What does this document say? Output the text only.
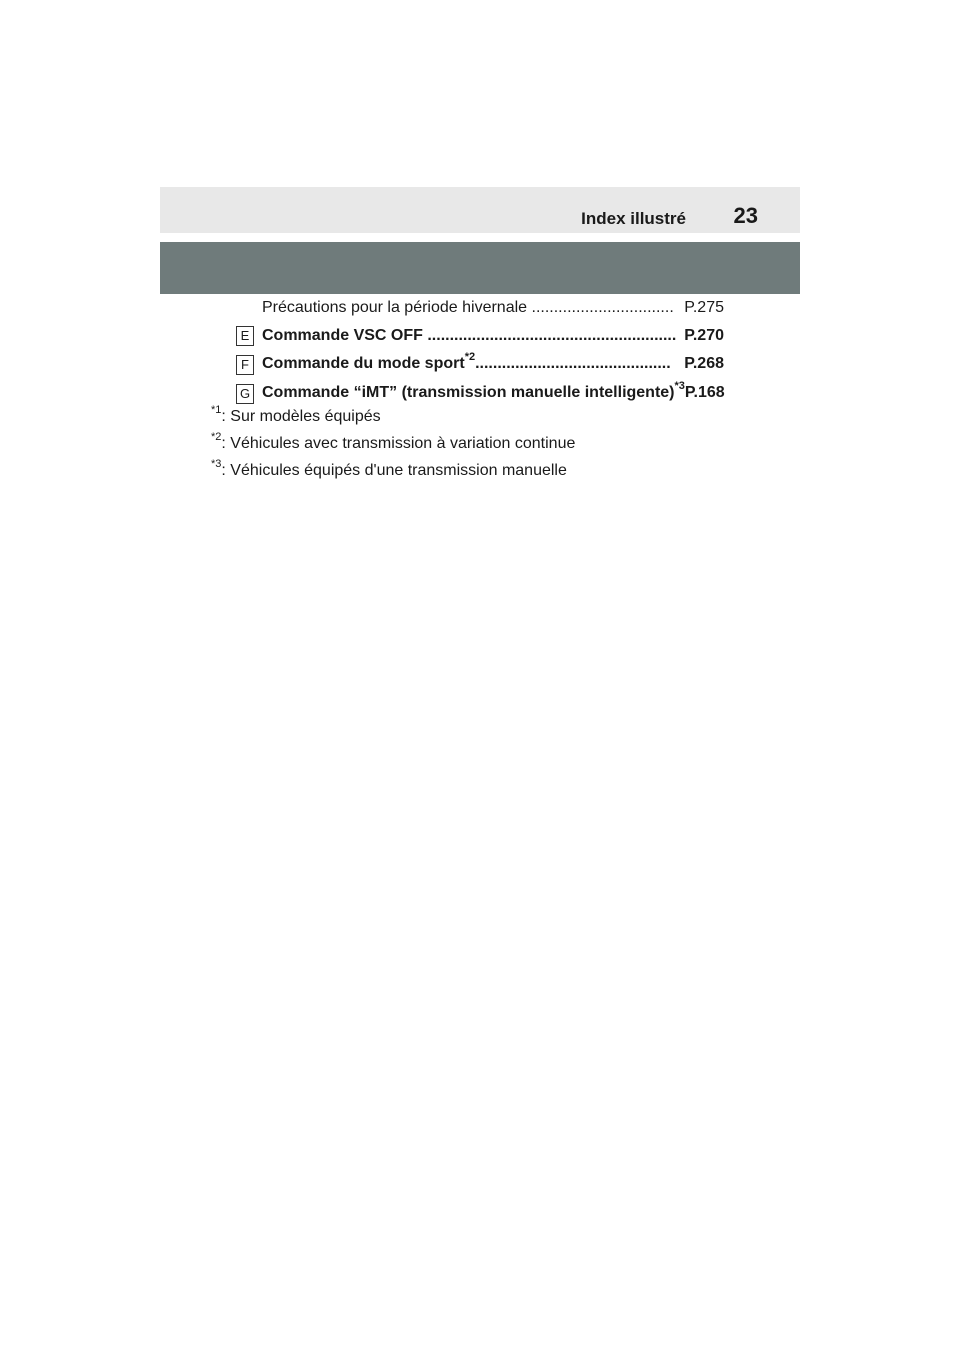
Index illustré 23
Précautions pour la période hivernale ................................ P.275
E Commande VSC OFF ........................................................ P.270
F Commande du mode sport$^{*2}$............................................ P.268
G Commande “iMT” (transmission manuelle intelligente)$^{*3}$P.168
$^{*1}$: Sur modèles équipés
$^{*2}$: Véhicules avec transmission à variation continue
$^{*3}$: Véhicules équipés d'une transmission manuelle
